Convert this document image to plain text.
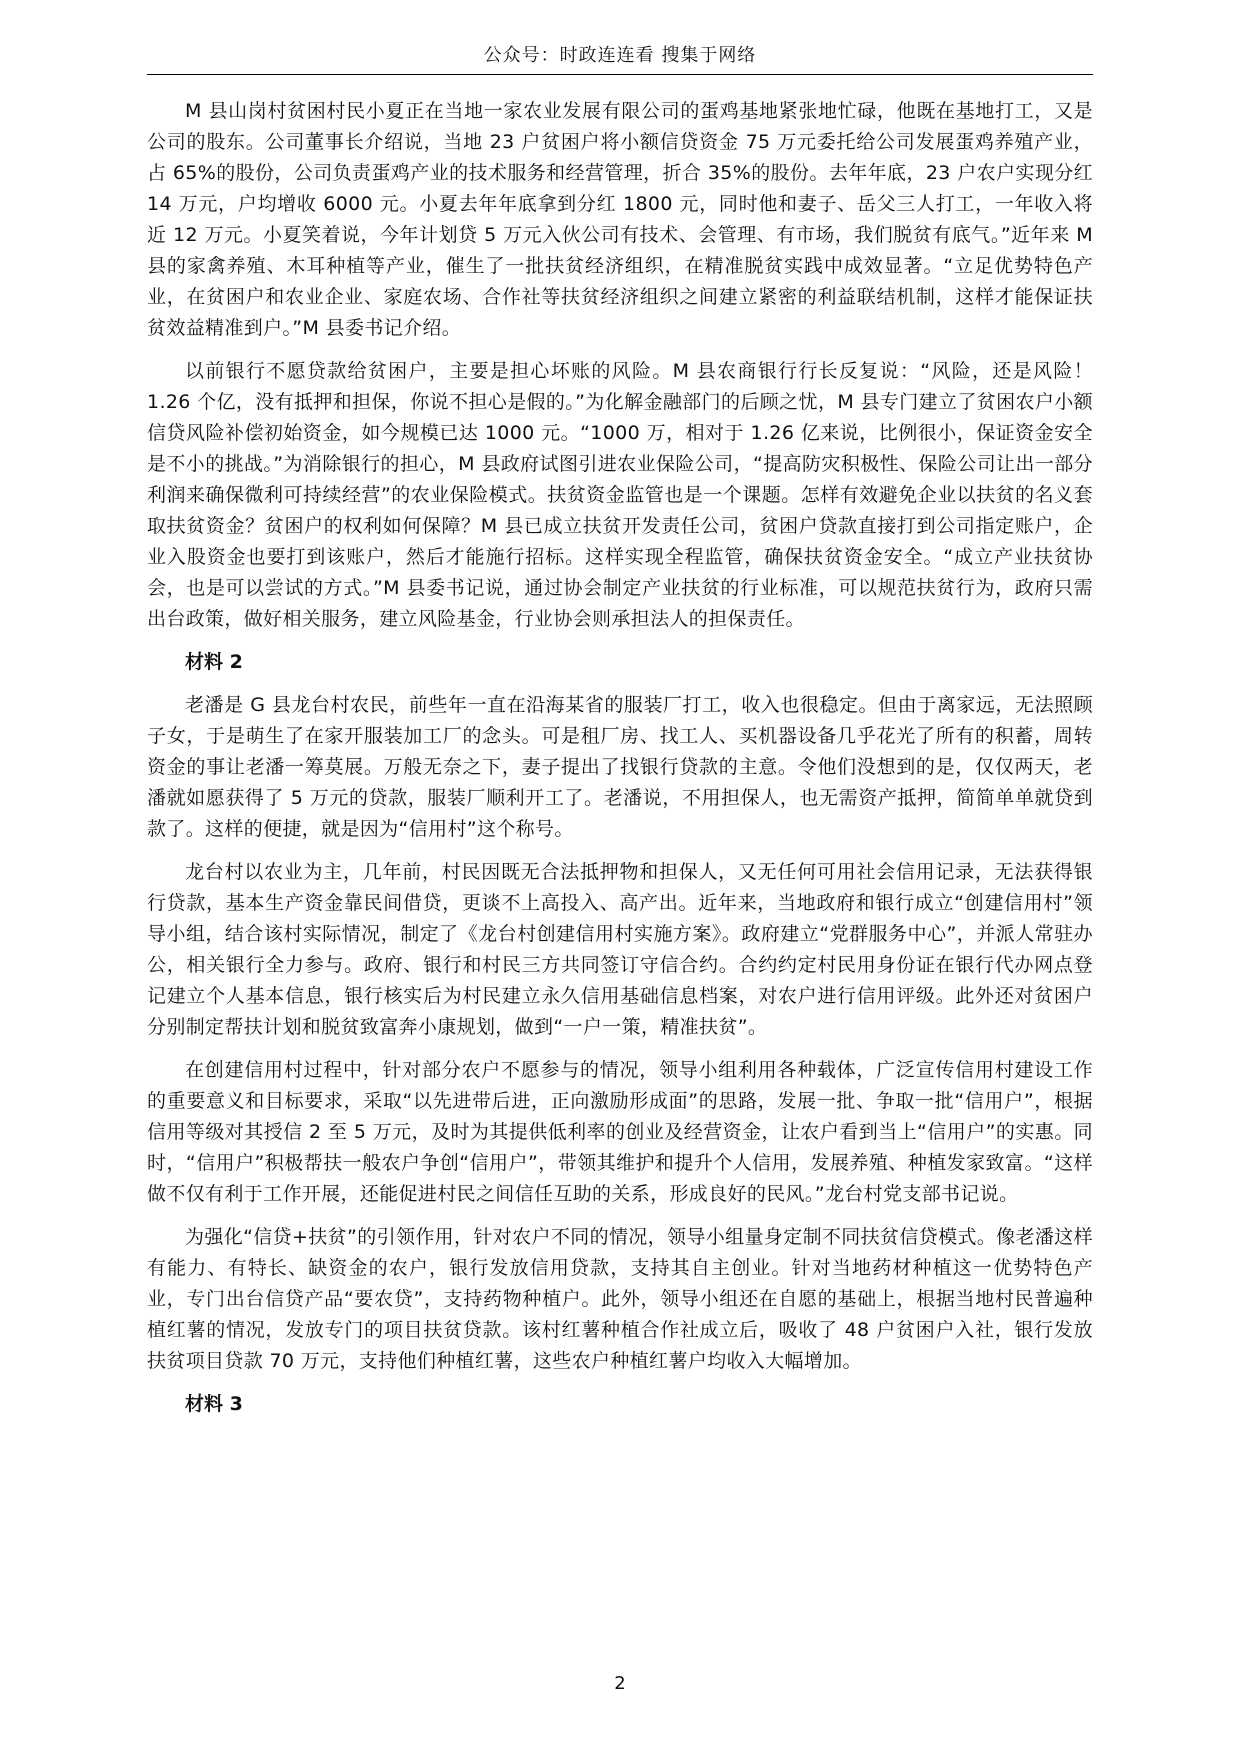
公众号：时政连连看 搜集于网络

M 县山岗村贫困村民小夏正在当地一家农业发展有限公司的蛋鸡基地紧张地忙碌，他既在基地打工，又是公司的股东。公司董事长介绍说，当地 23 户贫困户将小额信贷资金 75 万元委托给公司发展蛋鸡养殖产业，占 65%的股份，公司负责蛋鸡产业的技术服务和经营管理，折合 35%的股份。去年年底，23 户农户实现分红 14 万元，户均增收 6000 元。小夏去年年底拿到分红 1800 元，同时他和妻子、岳父三人打工，一年收入将近 12 万元。小夏笑着说，今年计划贷 5 万元入伙公司有技术、会管理、有市场，我们脱贫有底气。”近年来 M 县的家禽养殖、木耳种植等产业，催生了一批扶贫经济组织，在精准脱贫实践中成效显著。“立足优势特色产业，在贫困户和农业企业、家庭农场、合作社等扶贫经济组织之间建立紧密的利益联结机制，这样才能保证扶贫效益精准到户。”M 县委书记介绍。

以前银行不愿贷款给贫困户，主要是担心坏账的风险。M 县农商银行行长反复说：“风险，还是风险！1.26 个亿，没有抵押和担保，你说不担心是假的。”为化解金融部门的后顾之忧，M 县专门建立了贫困农户小额信贷风险补偿初始资金，如今规模已达 1000 元。“1000 万，相对于 1.26 亿来说，比例很小，保证资金安全是不小的挑战。”为消除银行的担心，M 县政府试图引进农业保险公司，“提高防灾积极性、保险公司让出一部分利润来确保微利可持续经营”的农业保险模式。扶贫资金监管也是一个课题。怎样有效避免企业以扶贫的名义套取扶贫资金？贫困户的权利如何保障？M 县已成立扶贫开发责任公司，贫困户贷款直接打到公司指定账户，企业入股资金也要打到该账户，然后才能施行招标。这样实现全程监管，确保扶贫资金安全。“成立产业扶贫协会，也是可以尝试的方式。”M 县委书记说，通过协会制定产业扶贫的行业标准，可以规范扶贫行为，政府只需出台政策，做好相关服务，建立风险基金，行业协会则承担法人的担保责任。

材料 2

老潘是 G 县龙台村农民，前些年一直在沿海某省的服装厂打工，收入也很稳定。但由于离家远，无法照顾子女，于是萌生了在家开服装加工厂的念头。可是租厂房、找工人、买机器设备几乎花光了所有的积蓄，周转资金的事让老潘一筹莫展。万般无奈之下，妻子提出了找银行贷款的主意。令他们没想到的是，仅仅两天，老潘就如愿获得了 5 万元的贷款，服装厂顺利开工了。老潘说，不用担保人，也无需资产抵押，简简单单就贷到款了。这样的便捷，就是因为“信用村”这个称号。

龙台村以农业为主，几年前，村民因既无合法抵押物和担保人，又无任何可用社会信用记录，无法获得银行贷款，基本生产资金靠民间借贷，更谈不上高投入、高产出。近年来，当地政府和银行成立“创建信用村”领导小组，结合该村实际情况，制定了《龙台村创建信用村实施方案》。政府建立“党群服务中心”，并派人常驻办公，相关银行全力参与。政府、银行和村民三方共同签订守信合约。合约约定村民用身份证在银行代办网点登记建立个人基本信息，银行核实后为村民建立永久信用基础信息档案，对农户进行信用评级。此外还对贫困户分别制定帮扶计划和脱贫致富奔小康规划，做到“一户一策，精准扶贫”。

在创建信用村过程中，针对部分农户不愿参与的情况，领导小组利用各种载体，广泛宣传信用村建设工作的重要意义和目标要求，采取“以先进带后进，正向激励形成面”的思路，发展一批、争取一批“信用户”，根据信用等级对其授信 2 至 5 万元，及时为其提供低利率的创业及经营资金，让农户看到当上“信用户”的实惠。同时，“信用户”积极帮扶一般农户争创“信用户”，带领其维护和提升个人信用，发展养殖、种植发家致富。“这样做不仅有利于工作开展，还能促进村民之间信任互助的关系，形成良好的民风。”龙台村党支部书记说。

为强化“信贷+扶贫”的引领作用，针对农户不同的情况，领导小组量身定制不同扶贫信贷模式。像老潘这样有能力、有特长、缺资金的农户，银行发放信用贷款，支持其自主创业。针对当地药材种植这一优势特色产业，专门出台信贷产品“要农贷”，支持药物种植户。此外，领导小组还在自愿的基础上，根据当地村民普遍种植红薯的情况，发放专门的项目扶贫贷款。该村红薯种植合作社成立后，吸收了 48 户贫困户入社，银行发放扶贫项目贷款 70 万元，支持他们种植红薯，这些农户种植红薯户均收入大幅增加。

材料 3

2
